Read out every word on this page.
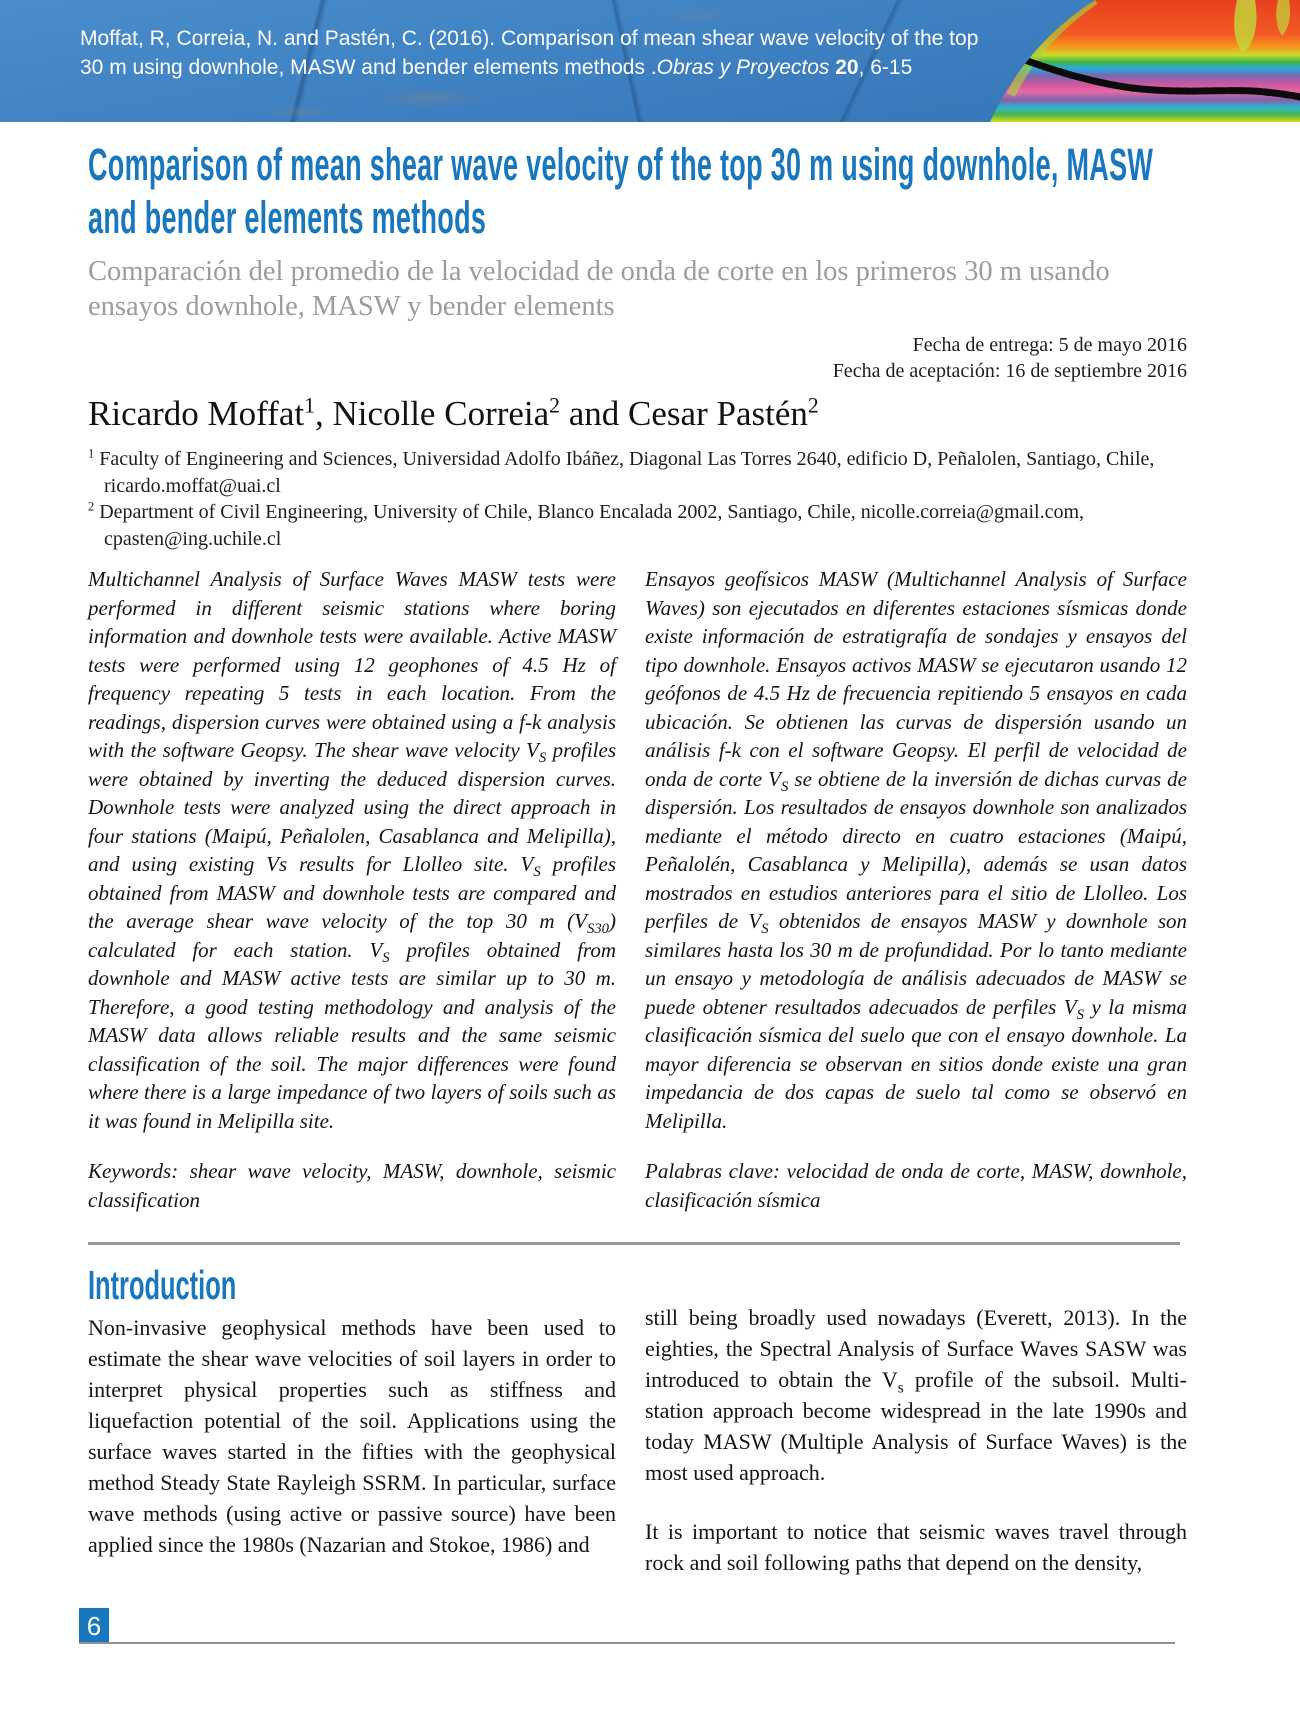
Moffat, R, Correia, N. and Pastén, C. (2016). Comparison of mean shear wave velocity of the top
30 m using downhole, MASW and bender elements methods .Obras y Proyectos 20, 6-15
Comparison of mean shear wave velocity of the top 30 m using downhole, MASW
and bender elements methods
Comparación del promedio de la velocidad de onda de corte en los primeros 30 m usando
ensayos downhole, MASW y bender elements
Fecha de entrega: 5 de mayo 2016
Fecha de aceptación: 16 de septiembre 2016
Ricardo Moffat$^1$, Nicolle Correia$^2$ and Cesar Pastén$^2$
$^1$ Faculty of Engineering and Sciences, Universidad Adolfo Ibáñez, Diagonal Las Torres 2640, edificio D, Peñalolen, Santiago, Chile, ricardo.moffat@uai.cl
$^2$ Department of Civil Engineering, University of Chile, Blanco Encalada 2002, Santiago, Chile, nicolle.correia@gmail.com, cpasten@ing.uchile.cl

Multichannel Analysis of Surface Waves MASW tests were performed in different seismic stations where boring information and downhole tests were available. Active MASW tests were performed using 12 geophones of 4.5 Hz of frequency repeating 5 tests in each location. From the readings, dispersion curves were obtained using a f-k analysis with the software Geopsy. The shear wave velocity $V_S$ profiles were obtained by inverting the deduced dispersion curves. Downhole tests were analyzed using the direct approach in four stations (Maipú, Peñalolen, Casablanca and Melipilla), and using existing Vs results for Llolleo site. $V_S$ profiles obtained from MASW and downhole tests are compared and the average shear wave velocity of the top 30 m $(V_{S30})$ calculated for each station. $V_S$ profiles obtained from downhole and MASW active tests are similar up to 30 m. Therefore, a good testing methodology and analysis of the MASW data allows reliable results and the same seismic classification of the soil. The major differences were found where there is a large impedance of two layers of soils such as it was found in Melipilla site.

Keywords: shear wave velocity, MASW, downhole, seismic classification

Ensayos geofísicos MASW (Multichannel Analysis of Surface Waves) son ejecutados en diferentes estaciones sísmicas donde existe información de estratigrafía de sondajes y ensayos del tipo downhole. Ensayos activos MASW se ejecutaron usando 12 geófonos de 4.5 Hz de frecuencia repitiendo 5 ensayos en cada ubicación. Se obtienen las curvas de dispersión usando un análisis f-k con el software Geopsy. El perfil de velocidad de onda de corte $V_S$ se obtiene de la inversión de dichas curvas de dispersión. Los resultados de ensayos downhole son analizados mediante el método directo en cuatro estaciones (Maipú, Peñalolén, Casablanca y Melipilla), además se usan datos mostrados en estudios anteriores para el sitio de Llolleo. Los perfiles de $V_S$ obtenidos de ensayos MASW y downhole son similares hasta los 30 m de profundidad. Por lo tanto mediante un ensayo y metodología de análisis adecuados de MASW se puede obtener resultados adecuados de perfiles $V_S$ y la misma clasificación sísmica del suelo que con el ensayo downhole. La mayor diferencia se observan en sitios donde existe una gran impedancia de dos capas de suelo tal como se observó en Melipilla.

Palabras clave: velocidad de onda de corte, MASW, downhole, clasificación sísmica

Introduction

Non-invasive geophysical methods have been used to estimate the shear wave velocities of soil layers in order to interpret physical properties such as stiffness and liquefaction potential of the soil. Applications using the surface waves started in the fifties with the geophysical method Steady State Rayleigh SSRM. In particular, surface wave methods (using active or passive source) have been applied since the 1980s (Nazarian and Stokoe, 1986) and

still being broadly used nowadays (Everett, 2013). In the eighties, the Spectral Analysis of Surface Waves SASW was introduced to obtain the $V_s$ profile of the subsoil. Multi-station approach become widespread in the late 1990s and today MASW (Multiple Analysis of Surface Waves) is the most used approach.

It is important to notice that seismic waves travel through rock and soil following paths that depend on the density,

6
